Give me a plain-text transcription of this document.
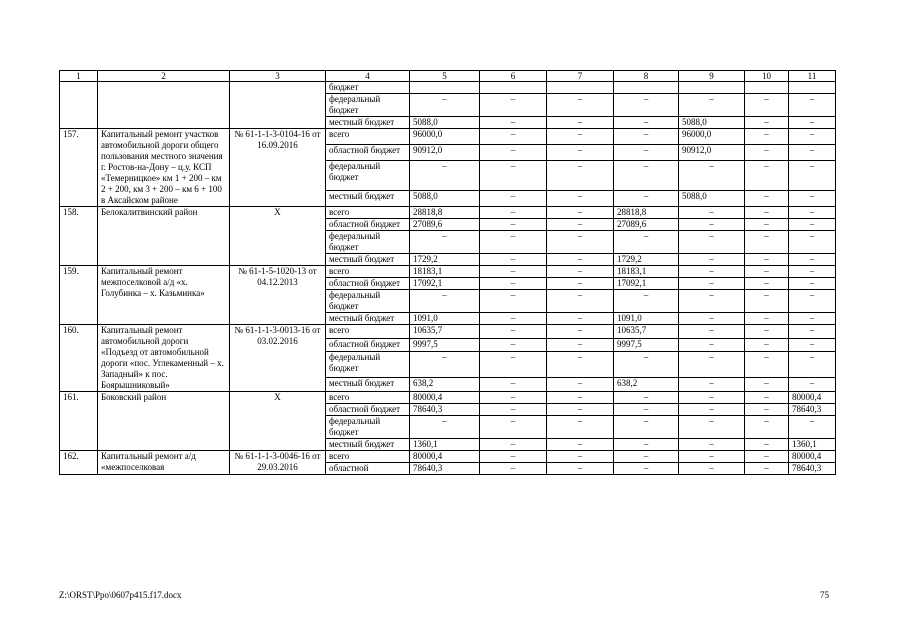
1	2	3	4	5	6	7	8	9	10	11
			бюджет							
			федеральный бюджет	–	–	–	–	–	–	–
			местный бюджет	5088,0	–	–	–	5088,0	–	–
157.	Капитальный ремонт участков автомобильной дороги общего пользования местного значения г. Ростов-на-Дону – ц.у. КСП «Темерницкое» км 1 + 200 – км 2 + 200, км 3 + 200 – км 6 + 100 в Аксайском районе	№ 61-1-1-3-0104-16 от 16.09.2016	всего	96000,0	–	–	–	96000,0	–	–
			областной бюджет	90912,0	–	–	–	90912,0	–	–
			федеральный бюджет	–	–	–	–	–	–	–
			местный бюджет	5088,0	–	–	–	5088,0	–	–
158.	Белокалитвинский район	Х	всего	28818,8	–	–	28818,8	–	–	–
			областной бюджет	27089,6	–	–	27089,6	–	–	–
			федеральный бюджет	–	–	–	–	–	–	–
			местный бюджет	1729,2	–	–	1729,2	–	–	–
159.	Капитальный ремонт межпоселковой а/д «х. Голубинка – х. Казьминка»	№ 61-1-5-1020-13 от 04.12.2013	всего	18183,1	–	–	18183,1	–	–	–
			областной бюджет	17092,1	–	–	17092,1	–	–	–
			федеральный бюджет	–	–	–	–	–	–	–
			местный бюджет	1091,0	–	–	1091,0	–	–	–
160.	Капитальный ремонт автомобильной дороги «Подъезд от автомобильной дороги «пос. Углекаменный – х. Западный» к пос. Боярышниковый»	№ 61-1-1-3-0013-16 от 03.02.2016	всего	10635,7	–	–	10635,7	–	–	–
			областной бюджет	9997,5	–	–	9997,5	–	–	–
			федеральный бюджет	–	–	–	–	–	–	–
			местный бюджет	638,2	–	–	638,2	–	–	–
161.	Боковский район	Х	всего	80000,4	–	–	–	–	–	80000,4
			областной бюджет	78640,3	–	–	–	–	–	78640,3
			федеральный бюджет	–	–	–	–	–	–	–
			местный бюджет	1360,1	–	–	–	–	–	1360,1
162.	Капитальный ремонт а/д «межпоселковая	№ 61-1-1-3-0046-16 от 29.03.2016	всего	80000,4	–	–	–	–	–	80000,4
			областной	78640,3	–	–	–	–	–	78640,3
Z:\ORST\Ppo\0607p415.f17.docx	75
